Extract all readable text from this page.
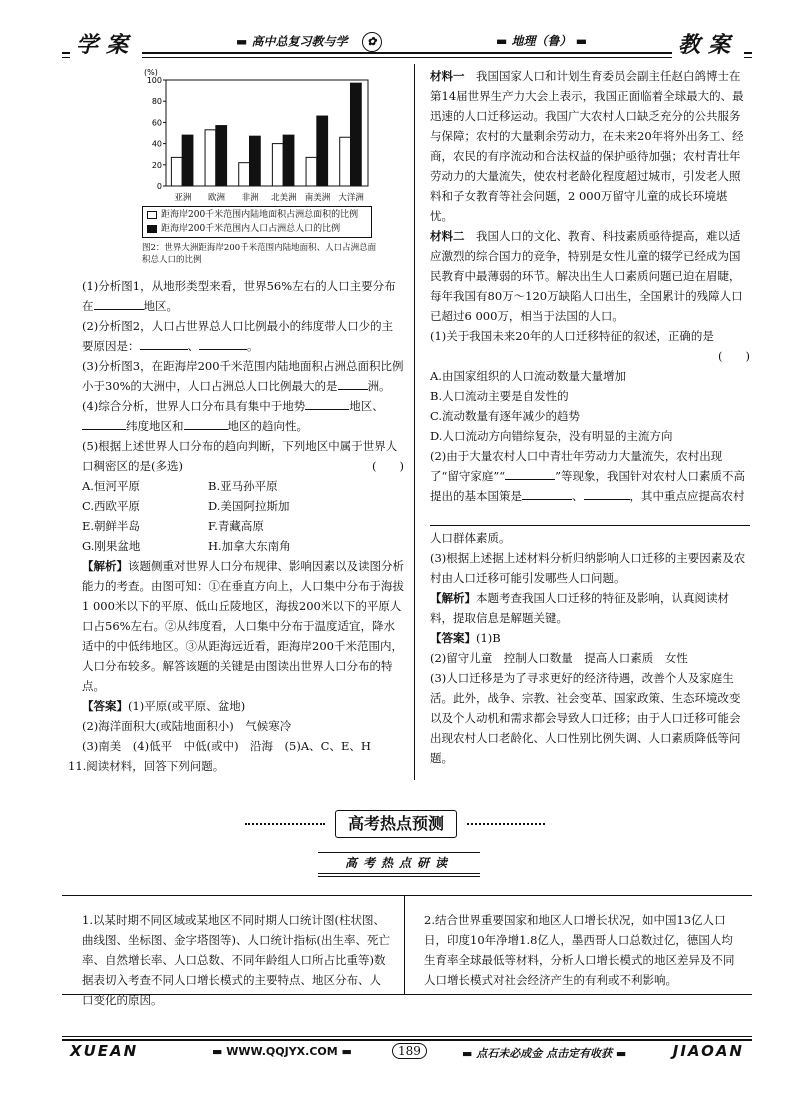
学案	▬ 高中总复习教与学 ✿	▬ 地理（鲁） ▬	教案
(%)
0
20
40
60
80
100
亚洲 欧洲 非洲 北美洲 南美洲 大洋洲
距海岸200千米范围内陆地面积占洲总面积的比例
距海岸200千米范围内人口占洲总人口的比例
图2：世界大洲距海岸200千米范围内陆地面积、人口占洲总面积总人口的比例

(1)分析图1，从地形类型来看，世界56%左右的人口主要分布在	地区。

(2)分析图2，人口占世界总人口比例最小的纬度带人口少的主要原因是：	、	。

(3)分析图3，在距海岸200千米范围内陆地面积占洲总面积比例小于30%的大洲中，人口占洲总人口比例最大的是	洲。

(4)综合分析，世界人口分布具有集中于地势	地区、纬度地区和	地区的趋向性。

(5)根据上述世界人口分布的趋向判断，下列地区中属于世界人口稠密区的是(多选)	(　　)

A.恒河平原	B.亚马孙平原
C.西欧平原	D.美国阿拉斯加
E.朝鲜半岛	F.青藏高原
G.刚果盆地	H.加拿大东南角

【解析】该题侧重对世界人口分布规律、影响因素以及读图分析能力的考查。由图可知：①在垂直方向上，人口集中分布于海拔1 000米以下的平原、低山丘陵地区，海拔200米以下的平原人口占56%左右。②从纬度看，人口集中分布于温度适宜，降水适中的中低纬地区。③从距海远近看，距海岸200千米范围内，人口分布较多。解答该题的关键是由图读出世界人口分布的特点。

【答案】(1)平原(或平原、盆地)

(2)海洋面积大(或陆地面积小)　气候寒冷

(3)南美　(4)低平　中低(或中)　沿海　(5)A、C、E、H

11.阅读材料，回答下列问题。

材料一　我国国家人口和计划生育委员会副主任赵白鸽博士在第14届世界生产力大会上表示，我国正面临着全球最大的、最迅速的人口迁移运动。我国广大农村人口缺乏充分的公共服务与保障；农村的大量剩余劳动力，在未来20年将外出务工、经商，农民的有序流动和合法权益的保护亟待加强；农村青壮年劳动力的大量流失，使农村老龄化程度超过城市，引发老人照料和子女教育等社会问题，2 000万留守儿童的成长环境堪忧。

材料二　我国人口的文化、教育、科技素质亟待提高，难以适应激烈的综合国力的竞争，特别是女性儿童的辍学已经成为国民教育中最薄弱的环节。解决出生人口素质问题已迫在眉睫，每年我国有80万～120万缺陷人口出生，全国累计的残障人口已超过6 000万，相当于法国的人口。

(1)关于我国未来20年的人口迁移特征的叙述，正确的是

(　　)

A.由国家组织的人口流动数量大量增加

B.人口流动主要是自发性的

C.流动数量有逐年减少的趋势

D.人口流动方向错综复杂，没有明显的主流方向

(2)由于大量农村人口中青壮年劳动力大量流失，农村出现了“留守家庭”“	”等现象，我国针对农村人口素质不高提出的基本国策是	、	，其中重点应提高农村

人口群体素质。

(3)根据上述据上述材料分析归纳影响人口迁移的主要因素及农村由人口迁移可能引发哪些人口问题。

【解析】本题考查我国人口迁移的特征及影响，认真阅读材料，提取信息是解题关键。

【答案】(1)B

(2)留守儿童　控制人口数量　提高人口素质　女性

(3)人口迁移是为了寻求更好的经济待遇，改善个人及家庭生活。此外，战争、宗教、社会变革、国家政策、生态环境改变以及个人动机和需求都会导致人口迁移；由于人口迁移可能会出现农村人口老龄化、人口性别比例失调、人口素质降低等问题。

高考热点预测
高考热点研读
1.以某时期不同区域或某地区不同时期人口统计图(柱状图、曲线图、坐标图、金字塔图等)、人口统计指标(出生率、死亡率、自然增长率、人口总数、不同年龄组人口所占比重等)数据表切入考查不同人口增长模式的主要特点、地区分布、人口变化的原因。
2.结合世界重要国家和地区人口增长状况，如中国13亿人口日，印度10年净增1.8亿人，墨西哥人口总数过亿，德国人均生育率全球最低等材料，分析人口增长模式的地区差异及不同人口增长模式对社会经济产生的有利或不利影响。
XUEAN	▬ WWW.QQJYX.COM ▬	189	▬ 点石未必成金 点击定有收获 ▬	JIAOAN
